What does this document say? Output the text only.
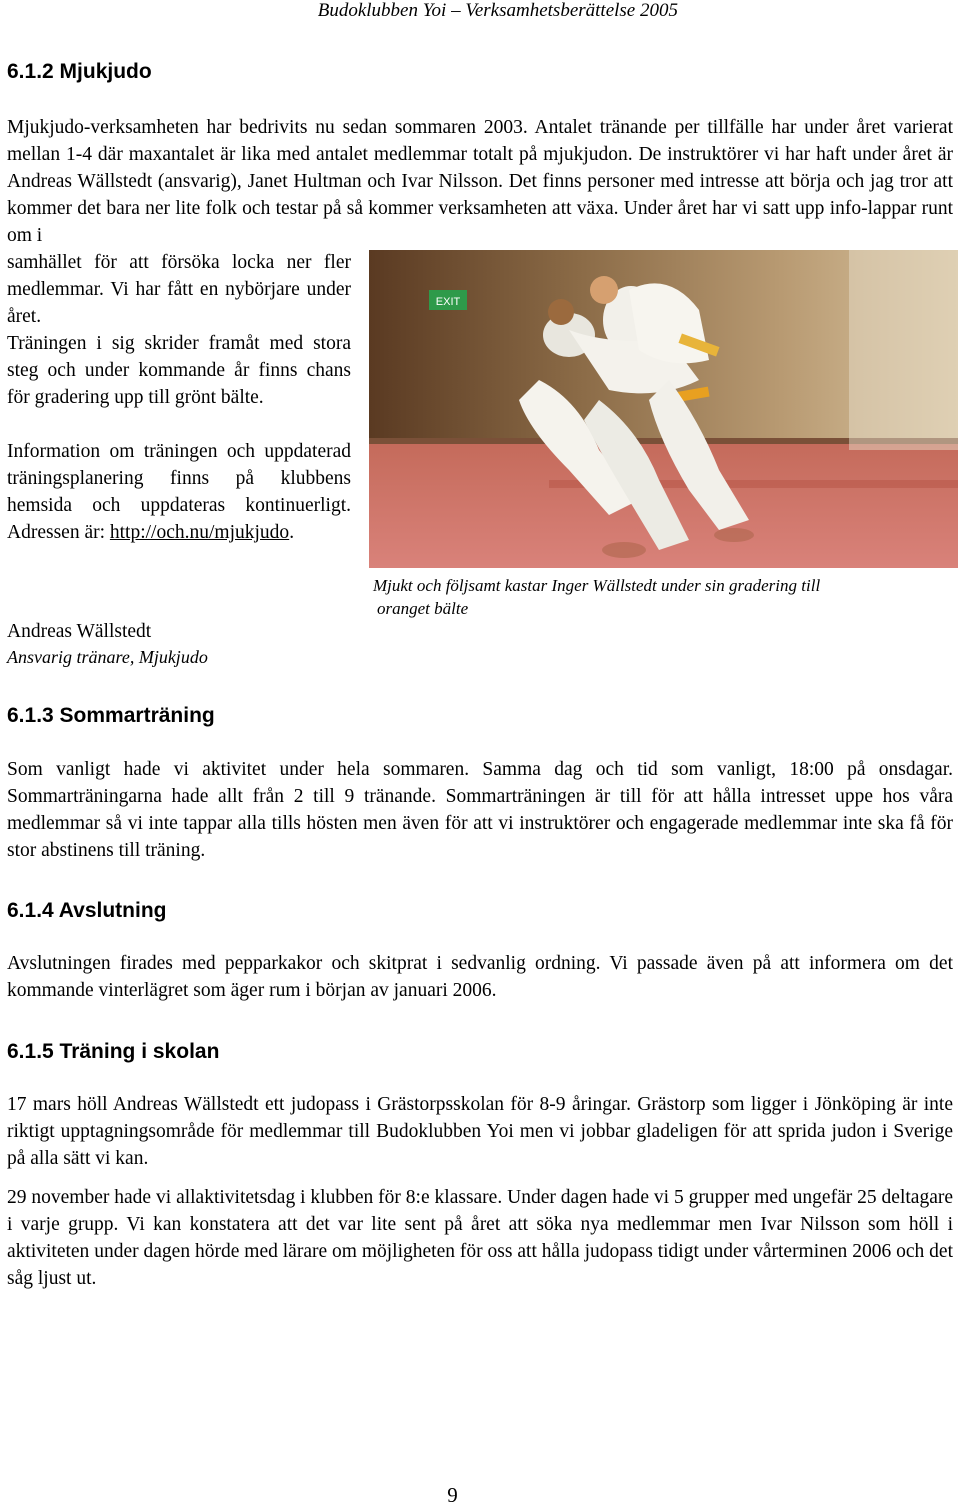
Budoklubben Yoi – Verksamhetsberättelse 2005
6.1.2 Mjukjudo
Mjukjudo-verksamheten har bedrivits nu sedan sommaren 2003. Antalet tränande per tillfälle har under året varierat mellan 1-4 där maxantalet är lika med antalet medlemmar totalt på mjukjudon. De instruktörer vi har haft under året är Andreas Wällstedt (ansvarig), Janet Hultman och Ivar Nilsson. Det finns personer med intresse att börja och jag tror att kommer det bara ner lite folk och testar på så kommer verksamheten att växa. Under året har vi satt upp info-lappar runt om i
samhället för att försöka locka ner fler medlemmar. Vi har fått en nybörjare under året.
Träningen i sig skrider framåt med stora steg och under kommande år finns chans för gradering upp till grönt bälte.
Information om träningen och uppdaterad träningsplanering finns på klubbens hemsida och uppdateras kontinuerligt. Adressen är: http://och.nu/mjukjudo.
EXIT
Mjukt och följsamt kastar Inger Wällstedt under sin gradering till
oranget bälte
Andreas Wällstedt
Ansvarig tränare, Mjukjudo
6.1.3 Sommarträning
Som vanligt hade vi aktivitet under hela sommaren. Samma dag och tid som vanligt, 18:00 på onsdagar. Sommarträningarna hade allt från 2 till 9 tränande. Sommarträningen är till för att hålla intresset uppe hos våra medlemmar så vi inte tappar alla tills hösten men även för att vi instruktörer och engagerade medlemmar inte ska få för stor abstinens till träning.
6.1.4 Avslutning
Avslutningen firades med pepparkakor och skitprat i sedvanlig ordning. Vi passade även på att informera om det kommande vinterlägret som äger rum i början av januari 2006.
6.1.5 Träning i skolan
17 mars höll Andreas Wällstedt ett judopass i Grästorpsskolan för 8-9 åringar. Grästorp som ligger i Jönköping är inte riktigt upptagningsområde för medlemmar till Budoklubben Yoi men vi jobbar gladeligen för att sprida judon i Sverige på alla sätt vi kan.
29 november hade vi allaktivitetsdag i klubben för 8:e klassare. Under dagen hade vi 5 grupper med ungefär 25 deltagare i varje grupp. Vi kan konstatera att det var lite sent på året att söka nya medlemmar men Ivar Nilsson som höll i aktiviteten under dagen hörde med lärare om möjligheten för oss att hålla judopass tidigt under vårterminen 2006 och det såg ljust ut.
9
